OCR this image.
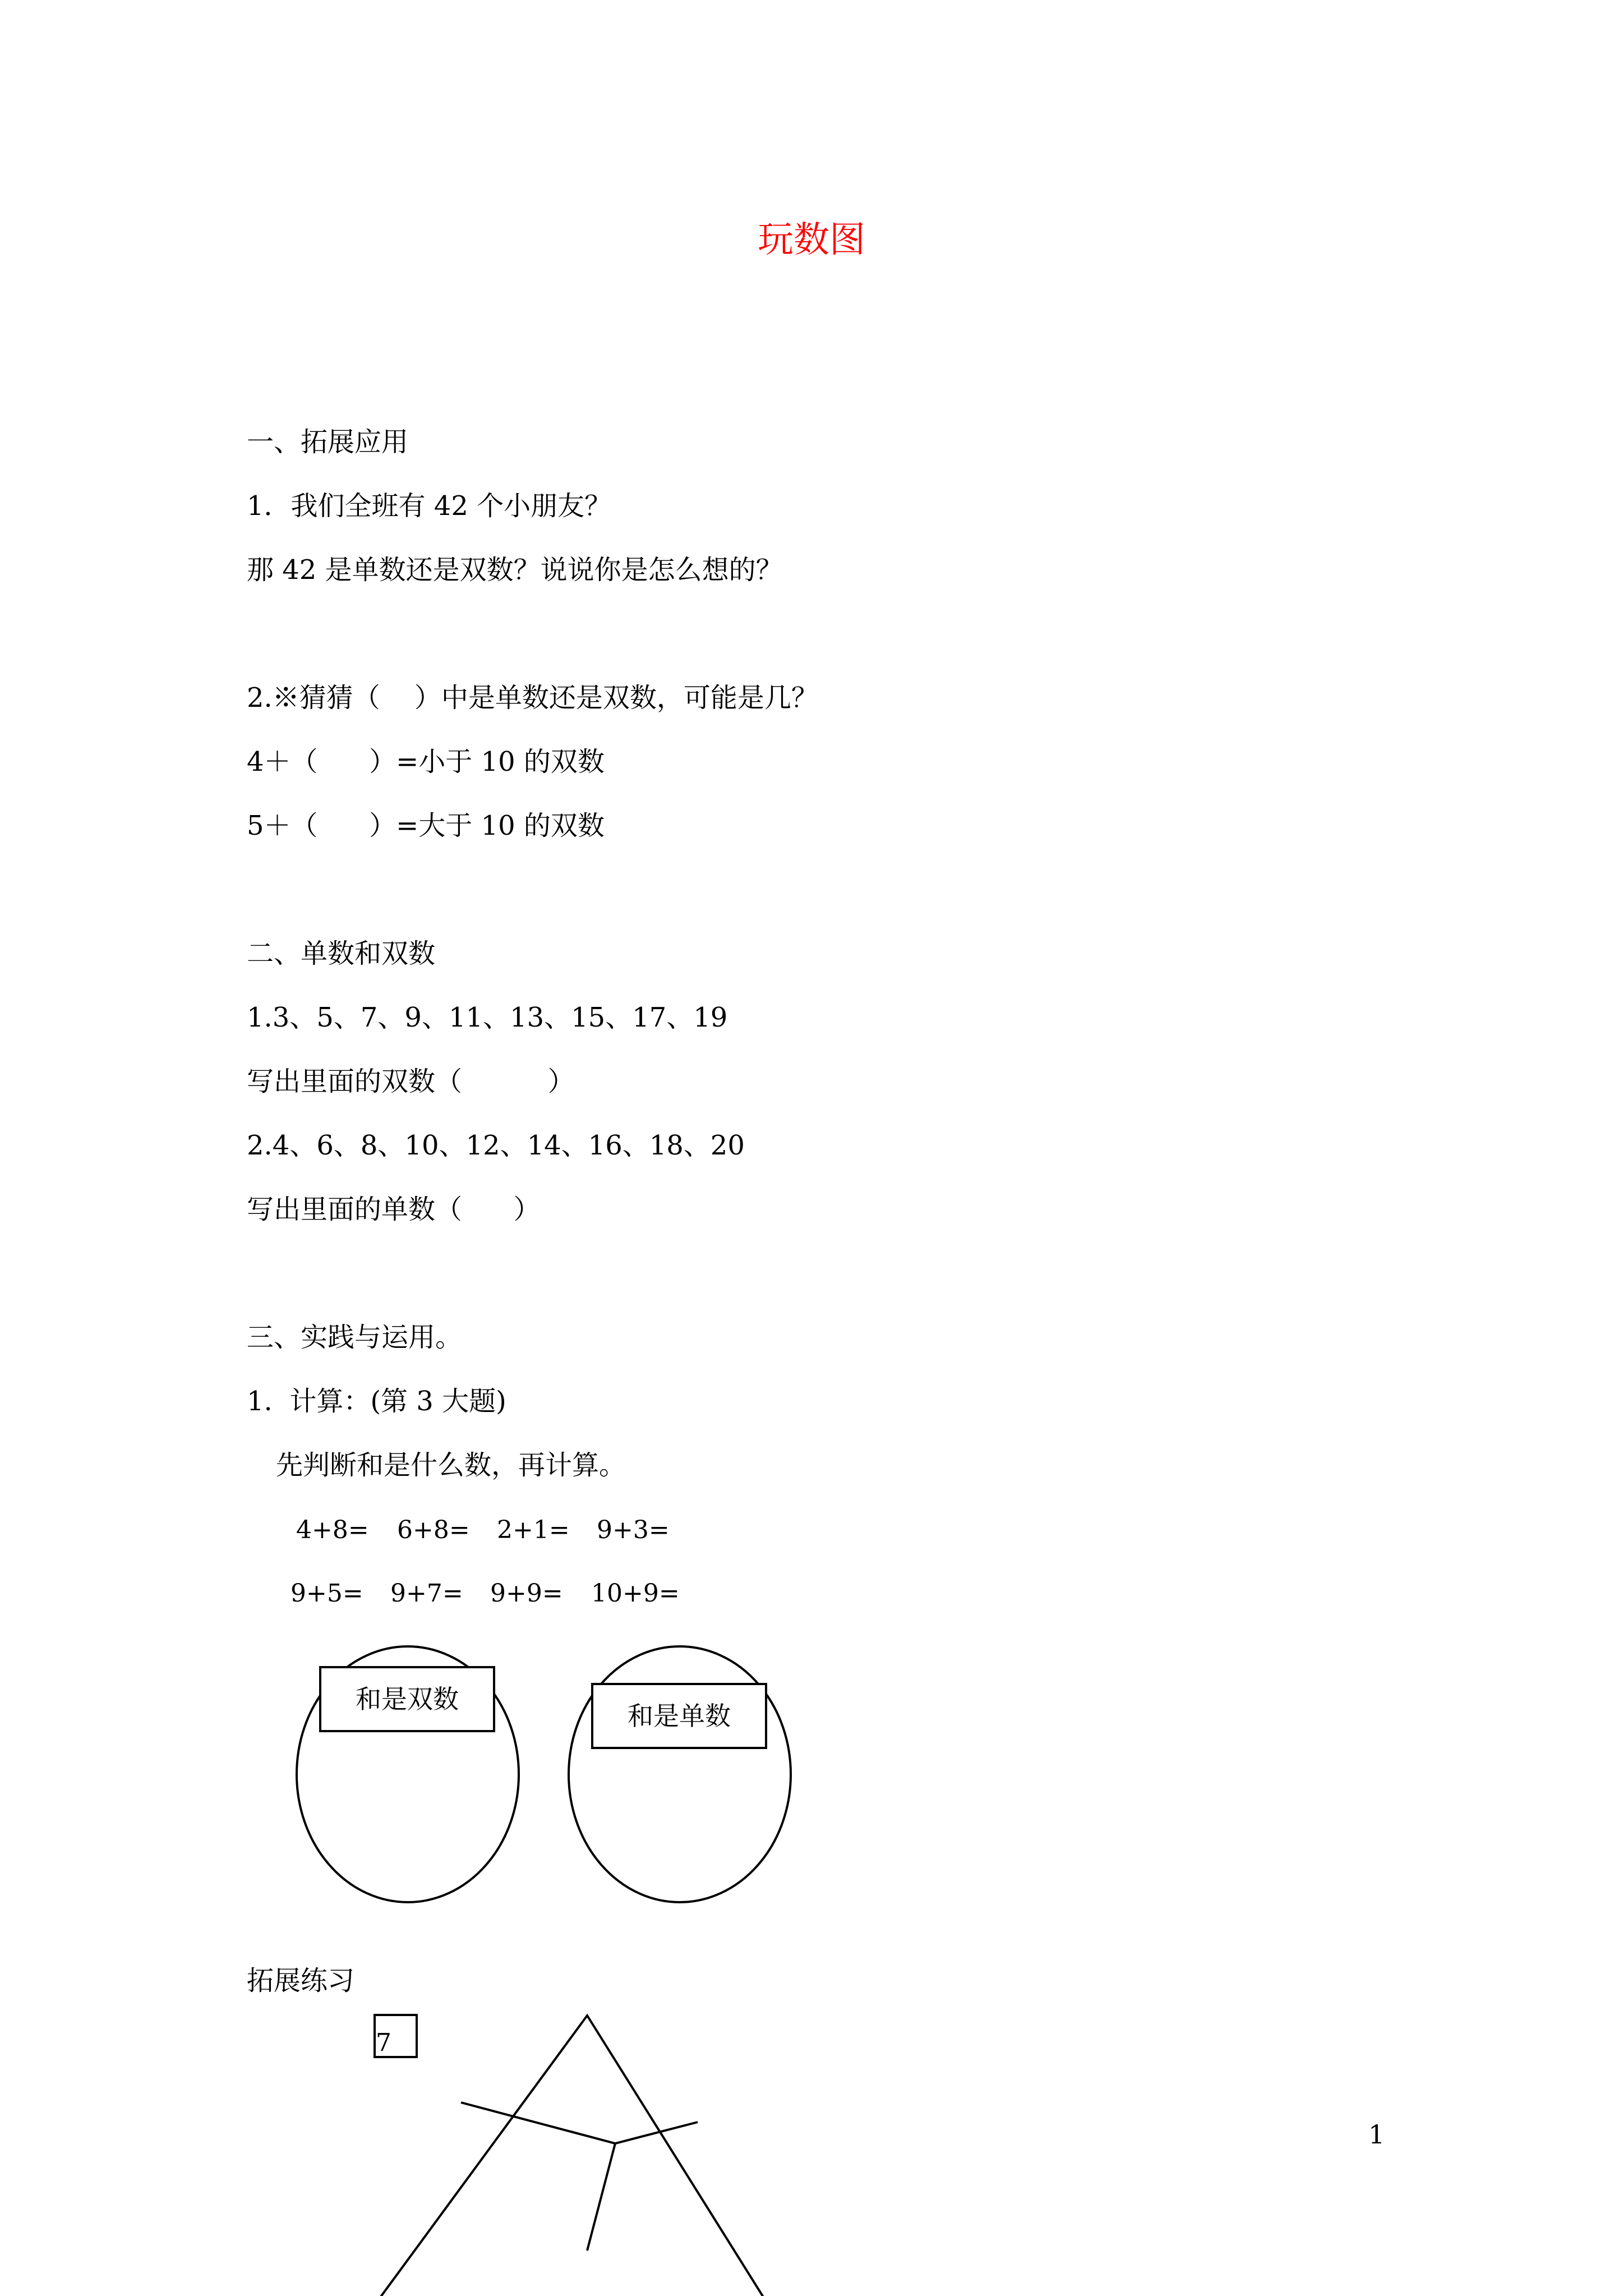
玩数图
一、拓展应用
1．我们全班有 42 个小朋友？
那 42 是单数还是双数？说说你是怎么想的？
2.※猜猜（    ）中是单数还是双数，可能是几？
4＋（      ）=小于 10 的双数
5＋（      ）=大于 10 的双数
二、单数和双数
1.3、5、7、9、11、13、15、17、19
写出里面的双数（          ）
2.4、6、8、10、12、14、16、18、20
写出里面的单数（      ）
三、实践与运用。
1.  计算：(第 3 大题)
先判断和是什么数，再计算。
4+8= 6+8= 2+1= 9+3=
9+5= 9+7= 9+9= 10+9=
和是双数
和是单数
拓展练习
7
1
